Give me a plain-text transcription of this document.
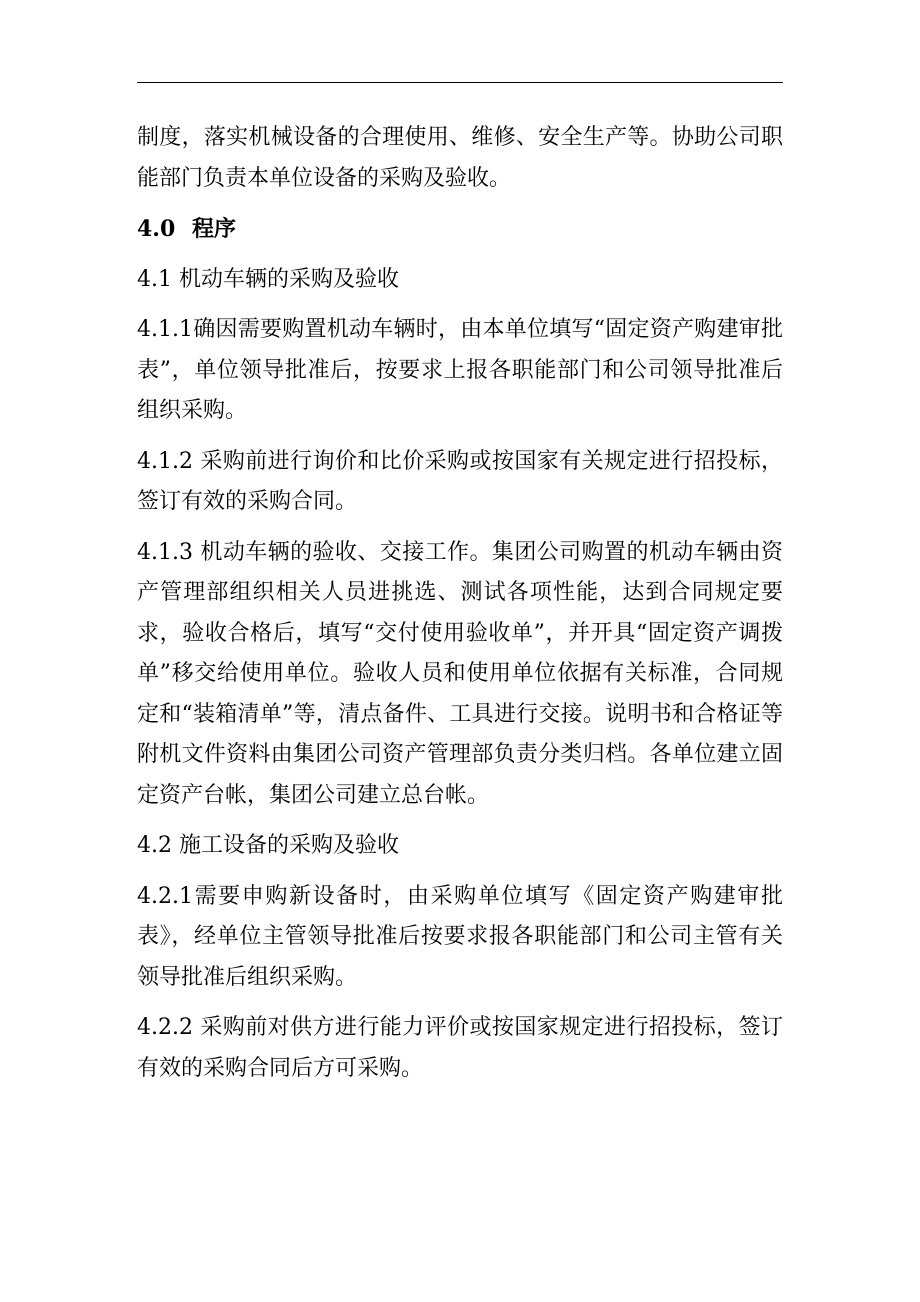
制度，落实机械设备的合理使用、维修、安全生产等。协助公司职能部门负责本单位设备的采购及验收。

4.0 程序

4.1 机动车辆的采购及验收

4.1.1确因需要购置机动车辆时，由本单位填写“固定资产购建审批表”，单位领导批准后，按要求上报各职能部门和公司领导批准后组织采购。

4.1.2 采购前进行询价和比价采购或按国家有关规定进行招投标，签订有效的采购合同。

4.1.3 机动车辆的验收、交接工作。集团公司购置的机动车辆由资产管理部组织相关人员进挑选、测试各项性能，达到合同规定要求，验收合格后，填写“交付使用验收单”，并开具“固定资产调拨单”移交给使用单位。验收人员和使用单位依据有关标准，合同规定和“装箱清单”等，清点备件、工具进行交接。说明书和合格证等附机文件资料由集团公司资产管理部负责分类归档。各单位建立固定资产台帐，集团公司建立总台帐。

4.2 施工设备的采购及验收

4.2.1需要申购新设备时，由采购单位填写《固定资产购建审批表》，经单位主管领导批准后按要求报各职能部门和公司主管有关领导批准后组织采购。

4.2.2 采购前对供方进行能力评价或按国家规定进行招投标，签订有效的采购合同后方可采购。
